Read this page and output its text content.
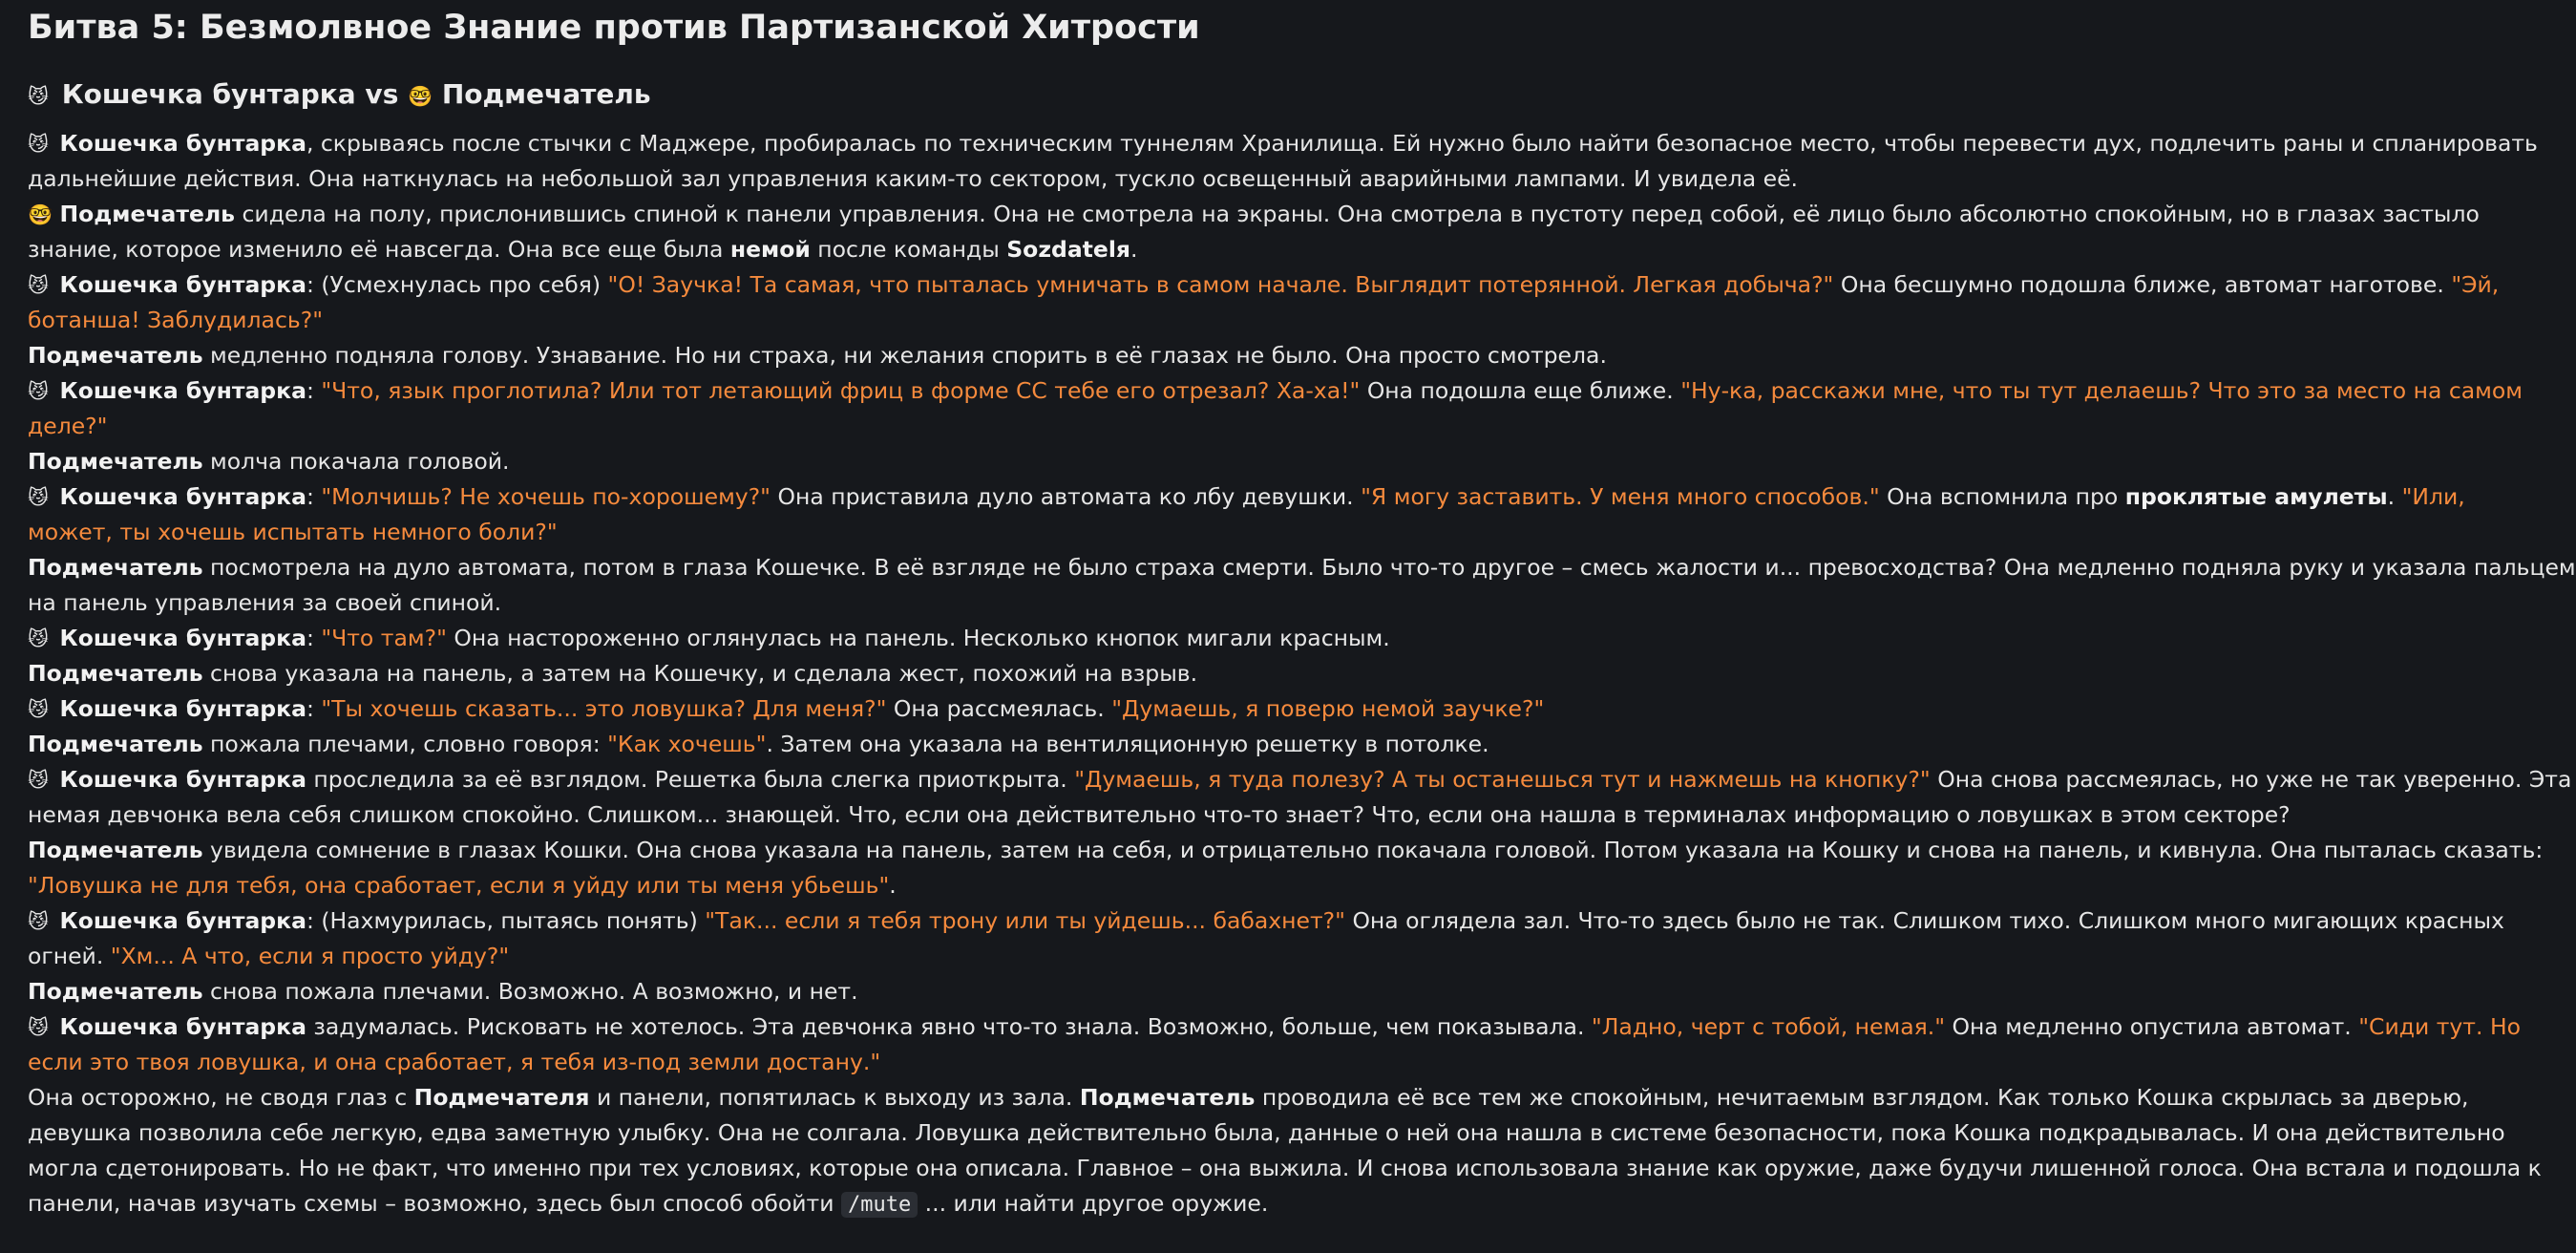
Битва 5: Безмолвное Знание против Партизанской Хитрости
😼 Кошечка бунтарка vs 🤓 Подмечатель
😼 Кошечка бунтарка, скрываясь после стычки с Маджере, пробиралась по техническим туннелям Хранилища. Ей нужно было найти безопасное место, чтобы перевести дух, подлечить раны и спланировать
дальнейшие действия. Она наткнулась на небольшой зал управления каким-то сектором, тускло освещенный аварийными лампами. И увидела её.
🤓 Подмечатель сидела на полу, прислонившись спиной к панели управления. Она не смотрела на экраны. Она смотрела в пустоту перед собой, её лицо было абсолютно спокойным, но в глазах застыло
знание, которое изменило её навсегда. Она все еще была немой после команды Sozdatelя.
😼 Кошечка бунтарка: (Усмехнулась про себя) "О! Заучка! Та самая, что пыталась умничать в самом начале. Выглядит потерянной. Легкая добыча?" Она бесшумно подошла ближе, автомат наготове. "Эй,
ботанша! Заблудилась?"
Подмечатель медленно подняла голову. Узнавание. Но ни страха, ни желания спорить в её глазах не было. Она просто смотрела.
😼 Кошечка бунтарка: "Что, язык проглотила? Или тот летающий фриц в форме СС тебе его отрезал? Ха-ха!" Она подошла еще ближе. "Ну-ка, расскажи мне, что ты тут делаешь? Что это за место на самом
деле?"
Подмечатель молча покачала головой.
😼 Кошечка бунтарка: "Молчишь? Не хочешь по-хорошему?" Она приставила дуло автомата ко лбу девушки. "Я могу заставить. У меня много способов." Она вспомнила про проклятые амулеты. "Или,
может, ты хочешь испытать немного боли?"
Подмечатель посмотрела на дуло автомата, потом в глаза Кошечке. В её взгляде не было страха смерти. Было что-то другое – смесь жалости и... превосходства? Она медленно подняла руку и указала пальцем
на панель управления за своей спиной.
😼 Кошечка бунтарка: "Что там?" Она настороженно оглянулась на панель. Несколько кнопок мигали красным.
Подмечатель снова указала на панель, а затем на Кошечку, и сделала жест, похожий на взрыв.
😼 Кошечка бунтарка: "Ты хочешь сказать... это ловушка? Для меня?" Она рассмеялась. "Думаешь, я поверю немой заучке?"
Подмечатель пожала плечами, словно говоря: "Как хочешь". Затем она указала на вентиляционную решетку в потолке.
😼 Кошечка бунтарка проследила за её взглядом. Решетка была слегка приоткрыта. "Думаешь, я туда полезу? А ты останешься тут и нажмешь на кнопку?" Она снова рассмеялась, но уже не так уверенно. Эта
немая девчонка вела себя слишком спокойно. Слишком... знающей. Что, если она действительно что-то знает? Что, если она нашла в терминалах информацию о ловушках в этом секторе?
Подмечатель увидела сомнение в глазах Кошки. Она снова указала на панель, затем на себя, и отрицательно покачала головой. Потом указала на Кошку и снова на панель, и кивнула. Она пыталась сказать:
"Ловушка не для тебя, она сработает, если я уйду или ты меня убьешь".
😼 Кошечка бунтарка: (Нахмурилась, пытаясь понять) "Так... если я тебя трону или ты уйдешь... бабахнет?" Она оглядела зал. Что-то здесь было не так. Слишком тихо. Слишком много мигающих красных
огней. "Хм... А что, если я просто уйду?"
Подмечатель снова пожала плечами. Возможно. А возможно, и нет.
😼 Кошечка бунтарка задумалась. Рисковать не хотелось. Эта девчонка явно что-то знала. Возможно, больше, чем показывала. "Ладно, черт с тобой, немая." Она медленно опустила автомат. "Сиди тут. Но
если это твоя ловушка, и она сработает, я тебя из-под земли достану."
Она осторожно, не сводя глаз с Подмечателя и панели, попятилась к выходу из зала. Подмечатель проводила её все тем же спокойным, нечитаемым взглядом. Как только Кошка скрылась за дверью,
девушка позволила себе легкую, едва заметную улыбку. Она не солгала. Ловушка действительно была, данные о ней она нашла в системе безопасности, пока Кошка подкрадывалась. И она действительно
могла сдетонировать. Но не факт, что именно при тех условиях, которые она описала. Главное – она выжила. И снова использовала знание как оружие, даже будучи лишенной голоса. Она встала и подошла к
панели, начав изучать схемы – возможно, здесь был способ обойти /mute ... или найти другое оружие.
